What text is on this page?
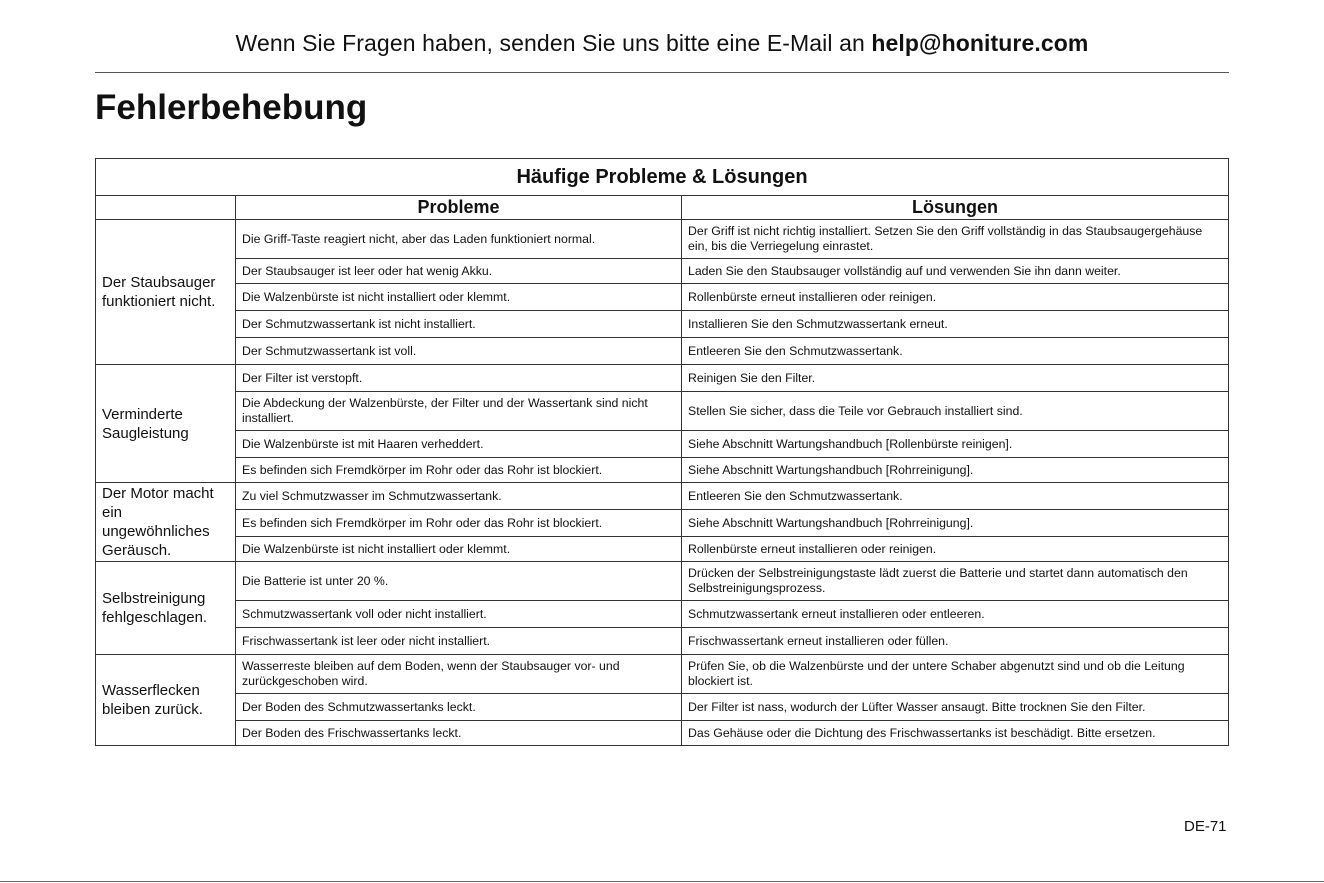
Wenn Sie Fragen haben, senden Sie uns bitte eine E-Mail an help@honiture.com
Fehlerbehebung
Häufige Probleme & Lösungen		
	Probleme	Lösungen
Der Staubsauger funktioniert nicht.	Die Griff-Taste reagiert nicht, aber das Laden funktioniert normal.	Der Griff ist nicht richtig installiert. Setzen Sie den Griff vollständig in das Staubsaugergehäuse ein, bis die Verriegelung einrastet.
	Der Staubsauger ist leer oder hat wenig Akku.	Laden Sie den Staubsauger vollständig auf und verwenden Sie ihn dann weiter.
	Die Walzenbürste ist nicht installiert oder klemmt.	Rollenbürste erneut installieren oder reinigen.
	Der Schmutzwassertank ist nicht installiert.	Installieren Sie den Schmutzwassertank erneut.
	Der Schmutzwassertank ist voll.	Entleeren Sie den Schmutzwassertank.
Verminderte Saugleistung	Der Filter ist verstopft.	Reinigen Sie den Filter.
	Die Abdeckung der Walzenbürste, der Filter und der Wassertank sind nicht installiert.	Stellen Sie sicher, dass die Teile vor Gebrauch installiert sind.
	Die Walzenbürste ist mit Haaren verheddert.	Siehe Abschnitt Wartungshandbuch [Rollenbürste reinigen].
	Es befinden sich Fremdkörper im Rohr oder das Rohr ist blockiert.	Siehe Abschnitt Wartungshandbuch [Rohrreinigung].
Der Motor macht ein ungewöhnliches Geräusch.	Zu viel Schmutzwasser im Schmutzwassertank.	Entleeren Sie den Schmutzwassertank.
	Es befinden sich Fremdkörper im Rohr oder das Rohr ist blockiert.	Siehe Abschnitt Wartungshandbuch [Rohrreinigung].
	Die Walzenbürste ist nicht installiert oder klemmt.	Rollenbürste erneut installieren oder reinigen.
Selbstreinigung fehlgeschlagen.	Die Batterie ist unter 20 %.	Drücken der Selbstreinigungstaste lädt zuerst die Batterie und startet dann automatisch den Selbstreinigungsprozess.
	Schmutzwassertank voll oder nicht installiert.	Schmutzwassertank erneut installieren oder entleeren.
	Frischwassertank ist leer oder nicht installiert.	Frischwassertank erneut installieren oder füllen.
Wasserflecken bleiben zurück.	Wasserreste bleiben auf dem Boden, wenn der Staubsauger vor- und zurückgeschoben wird.	Prüfen Sie, ob die Walzenbürste und der untere Schaber abgenutzt sind und ob die Leitung blockiert ist.
	Der Boden des Schmutzwassertanks leckt.	Der Filter ist nass, wodurch der Lüfter Wasser ansaugt. Bitte trocknen Sie den Filter.
	Der Boden des Frischwassertanks leckt.	Das Gehäuse oder die Dichtung des Frischwassertanks ist beschädigt. Bitte ersetzen.
DE-71
